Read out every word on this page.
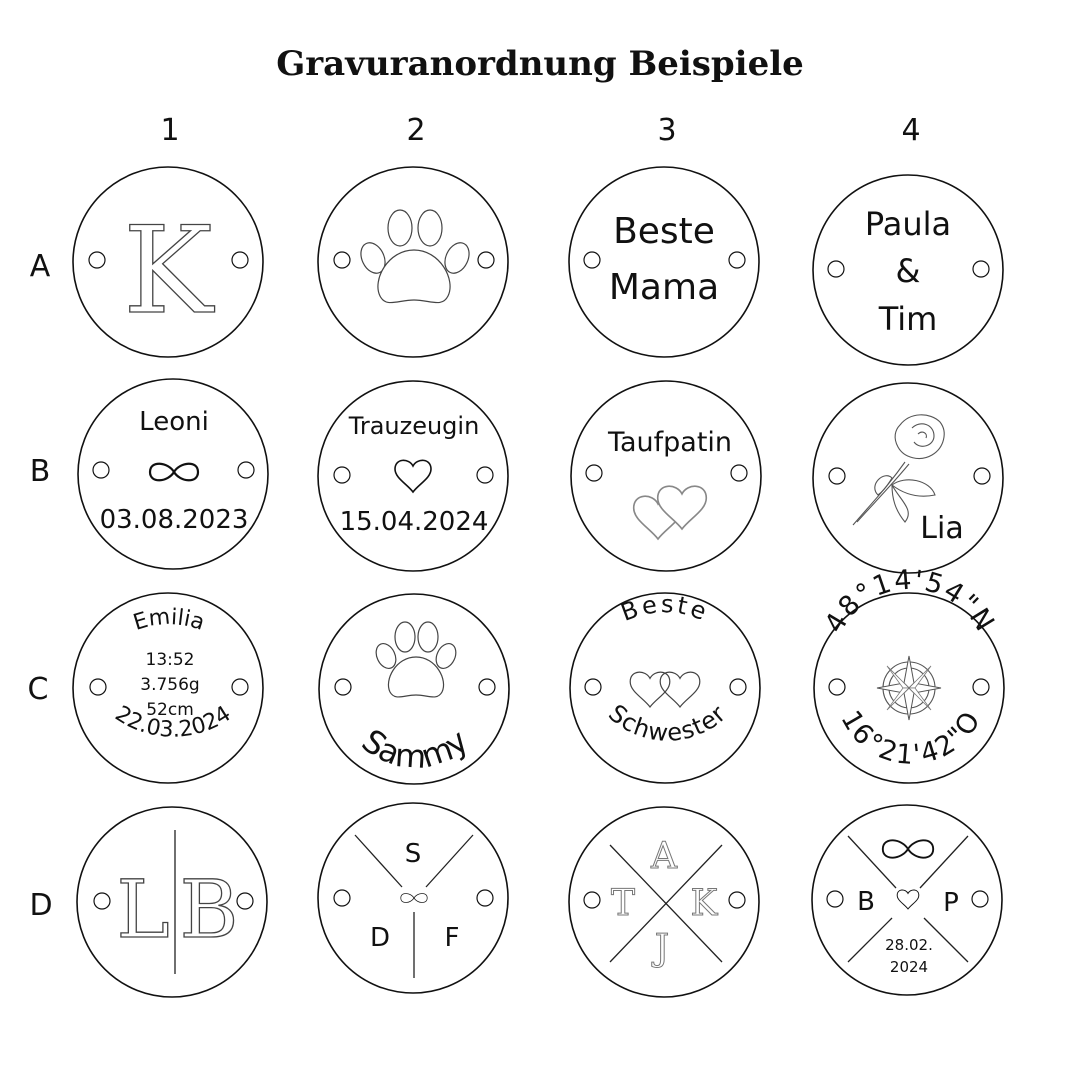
Gravuranordnung Beispiele
1	2	3	4
A
B
C
D
K	Beste
Mama
Paula
&
Tim
Leoni
03.08.2023
Trauzeugin
15.04.2024
Taufpatin
Lia
Emilia
13:52
3.756g
52cm
22.03.2024
Sammy
Beste
Schwester
48°14'54"N
16°21'42"O
L B
S
D F
A
T K
J
B	P
28.02.
2024
